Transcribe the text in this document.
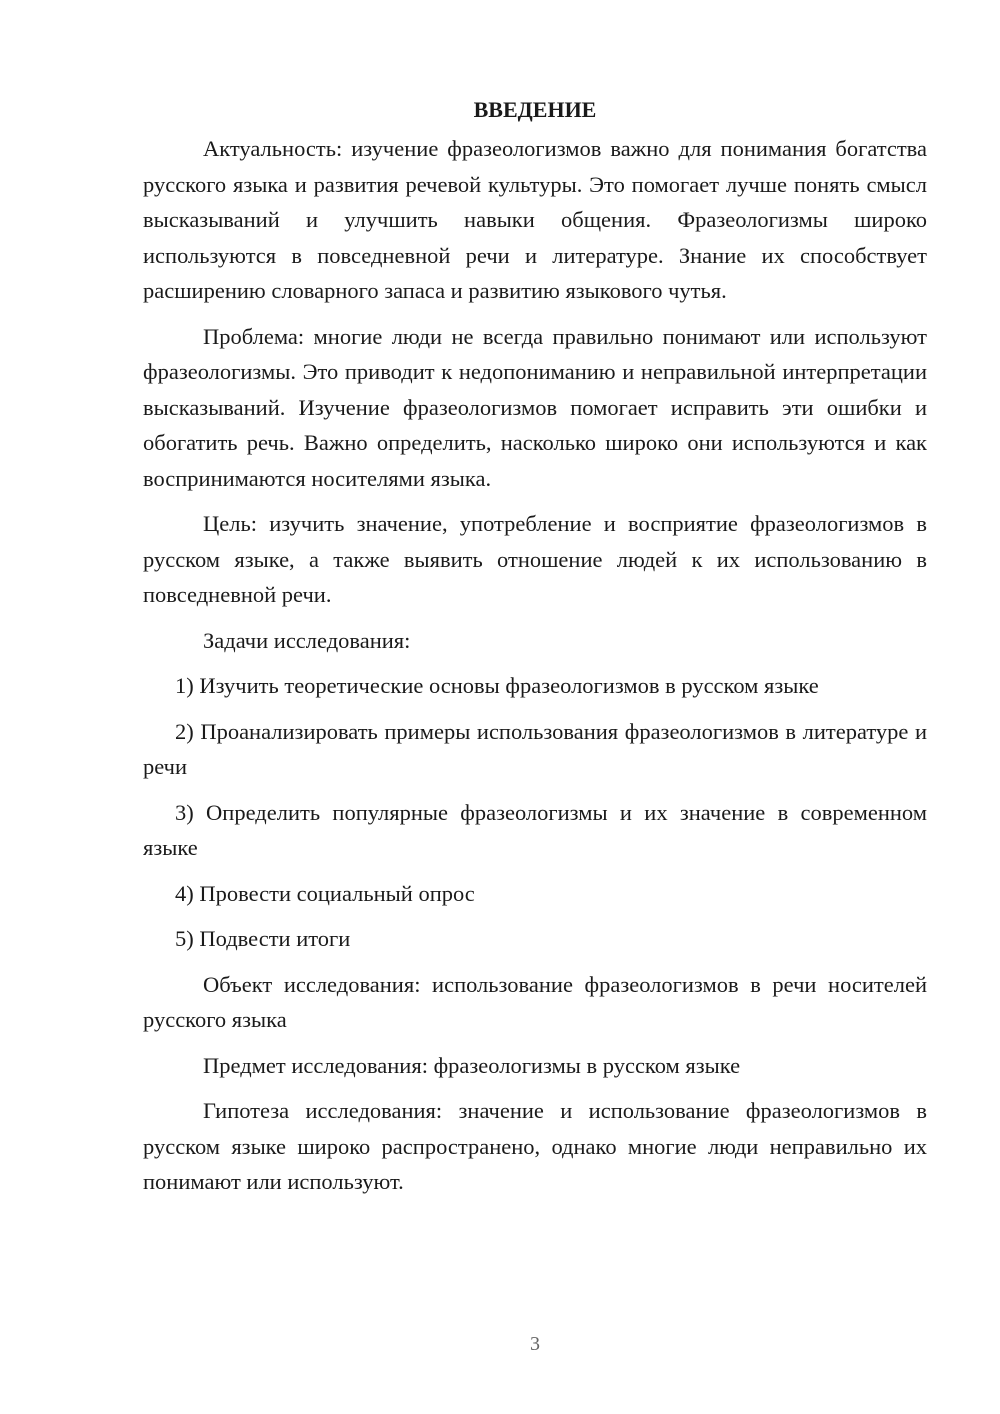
ВВЕДЕНИЕ

Актуальность: изучение фразеологизмов важно для понимания богатства русского языка и развития речевой культуры. Это помогает лучше понять смысл высказываний и улучшить навыки общения. Фразеологизмы широко используются в повседневной речи и литературе. Знание их способствует расширению словарного запаса и развитию языкового чутья.

Проблема: многие люди не всегда правильно понимают или используют фразеологизмы. Это приводит к недопониманию и неправильной интерпретации высказываний. Изучение фразеологизмов помогает исправить эти ошибки и обогатить речь. Важно определить, насколько широко они используются и как воспринимаются носителями языка.

Цель: изучить значение, употребление и восприятие фразеологизмов в русском языке, а также выявить отношение людей к их использованию в повседневной речи.

Задачи исследования:

1) Изучить теоретические основы фразеологизмов в русском языке

2) Проанализировать примеры использования фразеологизмов в литературе и речи

3) Определить популярные фразеологизмы и их значение в современном языке

4) Провести социальный опрос

5) Подвести итоги

Объект исследования: использование фразеологизмов в речи носителей русского языка

Предмет исследования: фразеологизмы в русском языке

Гипотеза исследования: значение и использование фразеологизмов в русском языке широко распространено, однако многие люди неправильно их понимают или используют.

3
